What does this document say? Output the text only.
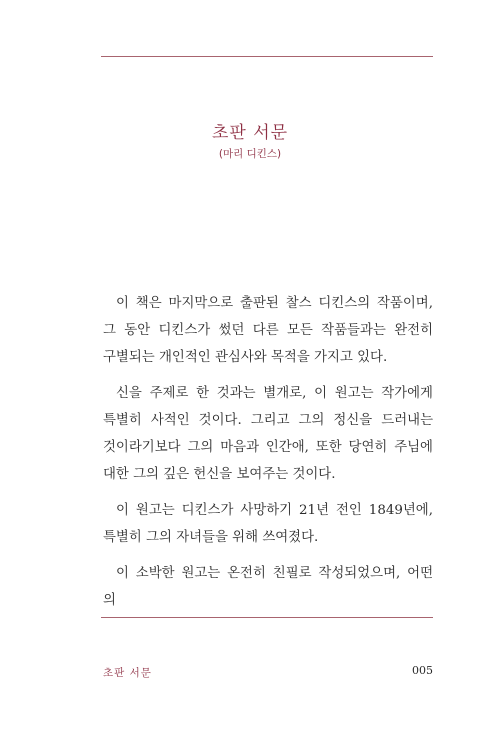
초판 서문
(마리 디킨스)

이 책은 마지막으로 출판된 찰스 디킨스의 작품이며, 그 동안 디킨스가 썼던 다른 모든 작품들과는 완전히 구별되는 개인적인 관심사와 목적을 가지고 있다.

신을 주제로 한 것과는 별개로, 이 원고는 작가에게 특별히 사적인 것이다. 그리고 그의 정신을 드러내는 것이라기보다 그의 마음과 인간애, 또한 당연히 주님에 대한 그의 깊은 헌신을 보여주는 것이다.

이 원고는 디킨스가 사망하기 21년 전인 1849년에, 특별히 그의 자녀들을 위해 쓰여졌다.

이 소박한 원고는 온전히 친필로 작성되었으며, 어떤 의

초판 서문	005
